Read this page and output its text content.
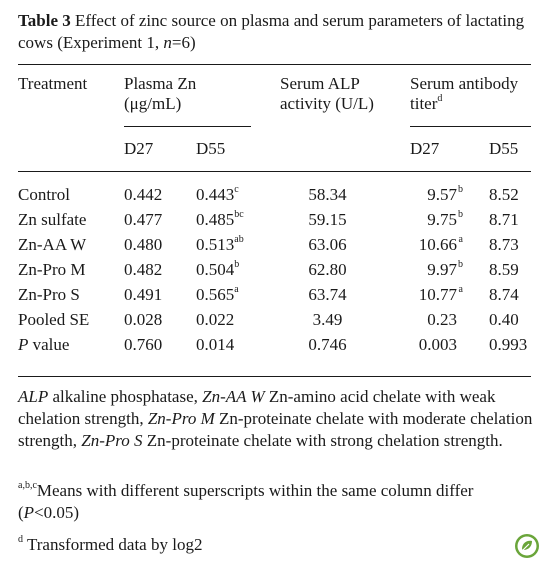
Table 3 Effect of zinc source on plasma and serum parameters of lactating cows (Experiment 1, n=6)
Treatment Plasma Zn
(μg/mL)
Serum ALP
activity (U/L)
Serum antibody
titer$^d$
D27	D55	D27	D55
Control	0.442 0.443$^c$	58.34	9.57$^b$ 8.52
Zn sulfate 0.477 0.485$^{bc}$	59.15	9.75$^b$ 8.71
Zn-AA W 0.480 0.513$^{ab}$	63.06	10.66 $^a$ 8.73
Zn-Pro M 0.482 0.504$^b$	62.80	9.97$^b$ 8.59
Zn-Pro S	0.491 0.565$^a$	63.74	10.77 $^a$ 8.74
Pooled SE 0.028 0.022	3.49	0.23	0.40
P value	0.760 0.014	0.746	0.003	0.993
ALP alkaline phosphatase, Zn-AA W Zn-amino acid chelate with weak chelation strength, Zn-Pro M Zn-proteinate chelate with moderate chelation strength, Zn-Pro S Zn-proteinate chelate with strong chelation strength.
$^{a,b,c}$Means with different superscripts within the same column differ (P<0.05)
$^d$ Transformed data by log2
